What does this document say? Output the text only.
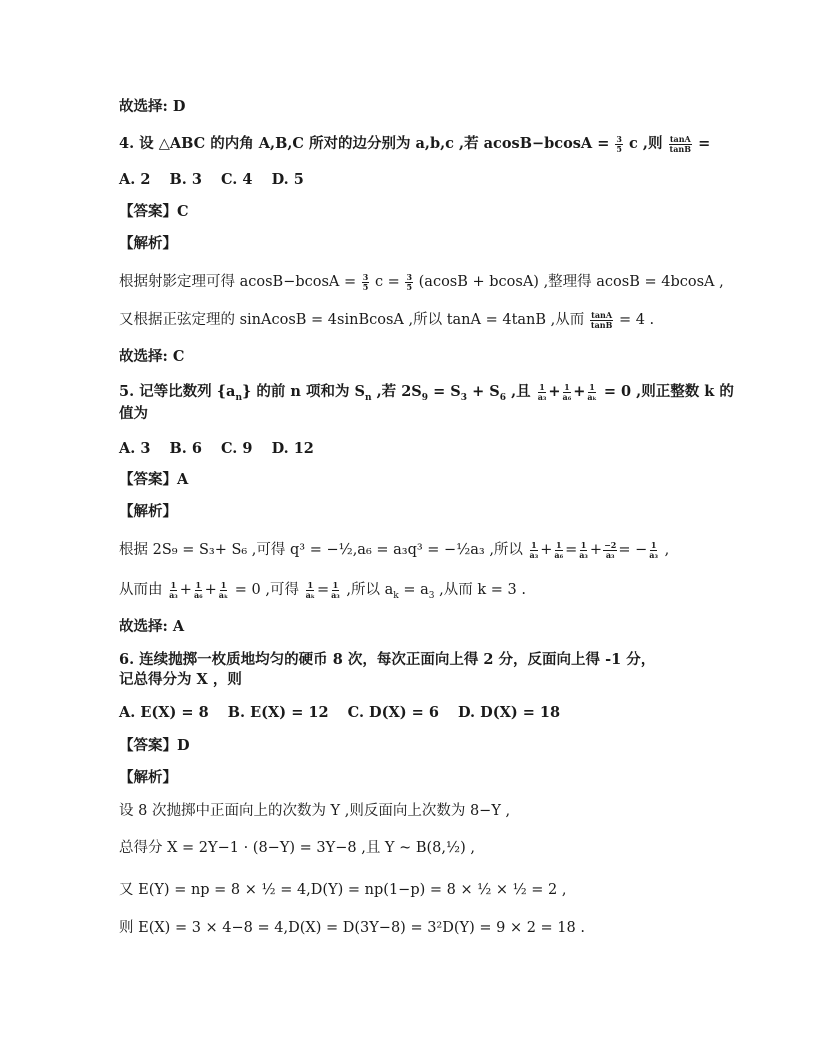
故选择: D
4. 设 △ABC 的内角 A,B,C 所对的边分别为 a,b,c ,若 $acosB-bcosA = \frac{3}{5}$ c ,则 $\frac{\tan A}{\tan B}$ =
A. 2 B. 3 C. 4 D. 5
【答案】C
【解析】
根据射影定理可得 $acosB-bcosA = \frac{3}{5}$ $c = \frac{3}{5} (acosB + bcosA)$ ,整理得 acosB = 4bcosA ,
又根据正弦定理的 sinAcosB = 4sinBcosA ,所以 tanA = 4tanB ,从而 $\frac{\tan A}{\tan B} = 4$ .
故选择: C
5. 记等比数列 $\{a_n\}$ 的前 n 项和为 $S_n$ ,若 $2S_9 = S_3 + S_6$ ,且 $\frac{1}{\text{a₃}} + \frac{1}{\text{a₆}} + \frac{1}{\text{aₖ}} = 0$ ,则正整数 k 的
值为
A. 3 B. 6 C. 9 D. 12
【答案】A
【解析】
根据 2S₉ = S₃+ S₆ ,可得 q³ = −½,a₆ = a₃q³ = −½a₃ ,所以 $\frac{1}{\text{a₃}} + \frac{1}{\text{a₆}} = \frac{1}{\text{a₃}} + \frac{-2}{\text{a₃}}$ = − $\frac{1}{\text{a₃}}$ ,
从而由 $\frac{1}{\text{a₃}} + \frac{1}{\text{a₆}} + \frac{1}{\text{aₖ}} = 0$ ,可得 $\frac{1}{\text{aₖ}} = \frac{1}{\text{a₃}}$ ,所以 $a_k = a_3$ ,从而 k = 3 .
故选择: A
6. 连续抛掷一枚质地均匀的硬币 8 次，每次正面向上得 2 分，反面向上得 -1 分，
记总得分为 X ，则
A. E(X) = 8 B. E(X) = 12 C. D(X) = 6 D. D(X) = 18
【答案】D
【解析】
设 8 次抛掷中正面向上的次数为 Y ,则反面向上次数为 8−Y ,
总得分 X = 2Y−1 · (8−Y) = 3Y−8 ,且 Y ~ B(8,½) ,
又 E(Y) = np = 8 × ½ = 4,D(Y) = np(1−p) = 8 × ½ × ½ = 2 ,
则 E(X) = 3 × 4−8 = 4,D(X) = D(3Y−8) = 3²D(Y) = 9 × 2 = 18 .
